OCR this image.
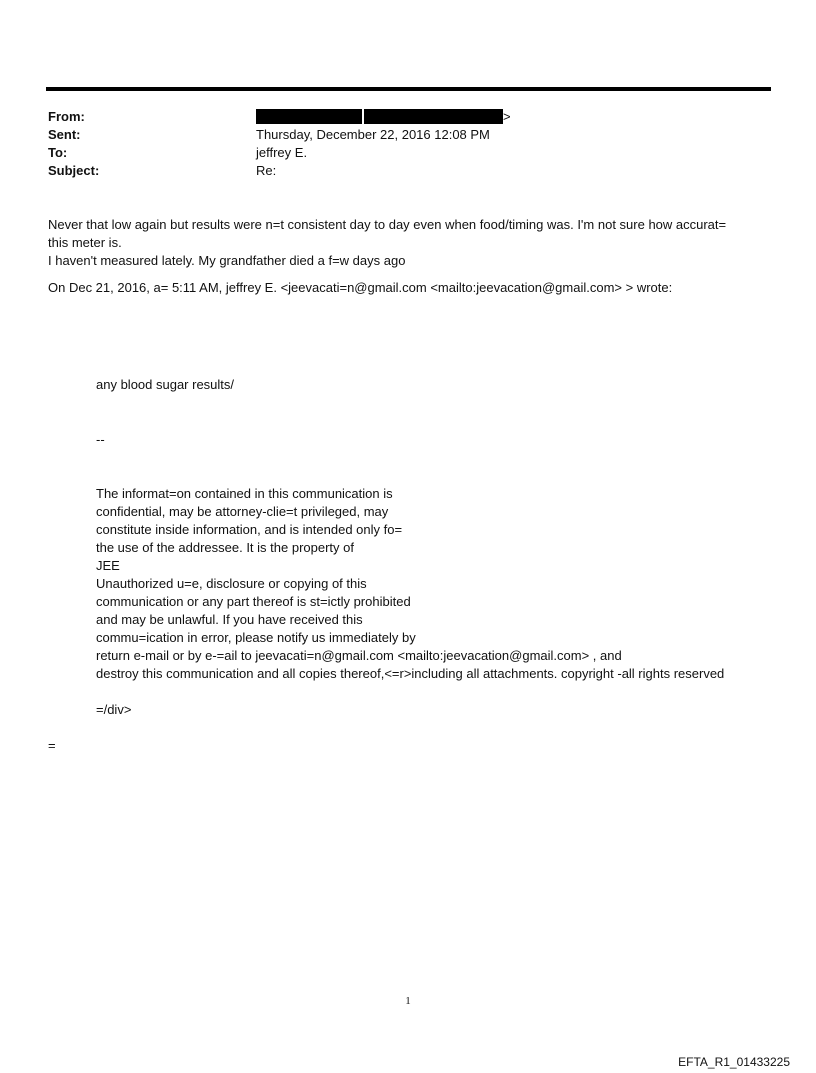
From:	>
Sent:	Thursday, December 22, 2016 12:08 PM
To:	jeffrey E.
Subject:	Re:
Never that low again but results were n=t consistent day to day even when food/timing was. I'm not sure how accurat=
this meter is.
I haven't measured lately. My grandfather died a f=w days ago
On Dec 21, 2016, a= 5:11 AM, jeffrey E. <jeevacati=n@gmail.com <mailto:jeevacation@gmail.com> > wrote:
any blood sugar results/
--
The informat=on contained in this communication is
confidential, may be attorney-clie=t privileged, may
constitute inside information, and is intended only fo=
the use of the addressee. It is the property of
JEE
Unauthorized u=e, disclosure or copying of this
communication or any part thereof is st=ictly prohibited
and may be unlawful. If you have received this
commu=ication in error, please notify us immediately by
return e-mail or by e-=ail to jeevacati=n@gmail.com <mailto:jeevacation@gmail.com> , and
destroy this communication and all copies thereof,<=r>including all attachments. copyright -all rights reserved
=/div>
=
1
EFTA_R1_01433225
